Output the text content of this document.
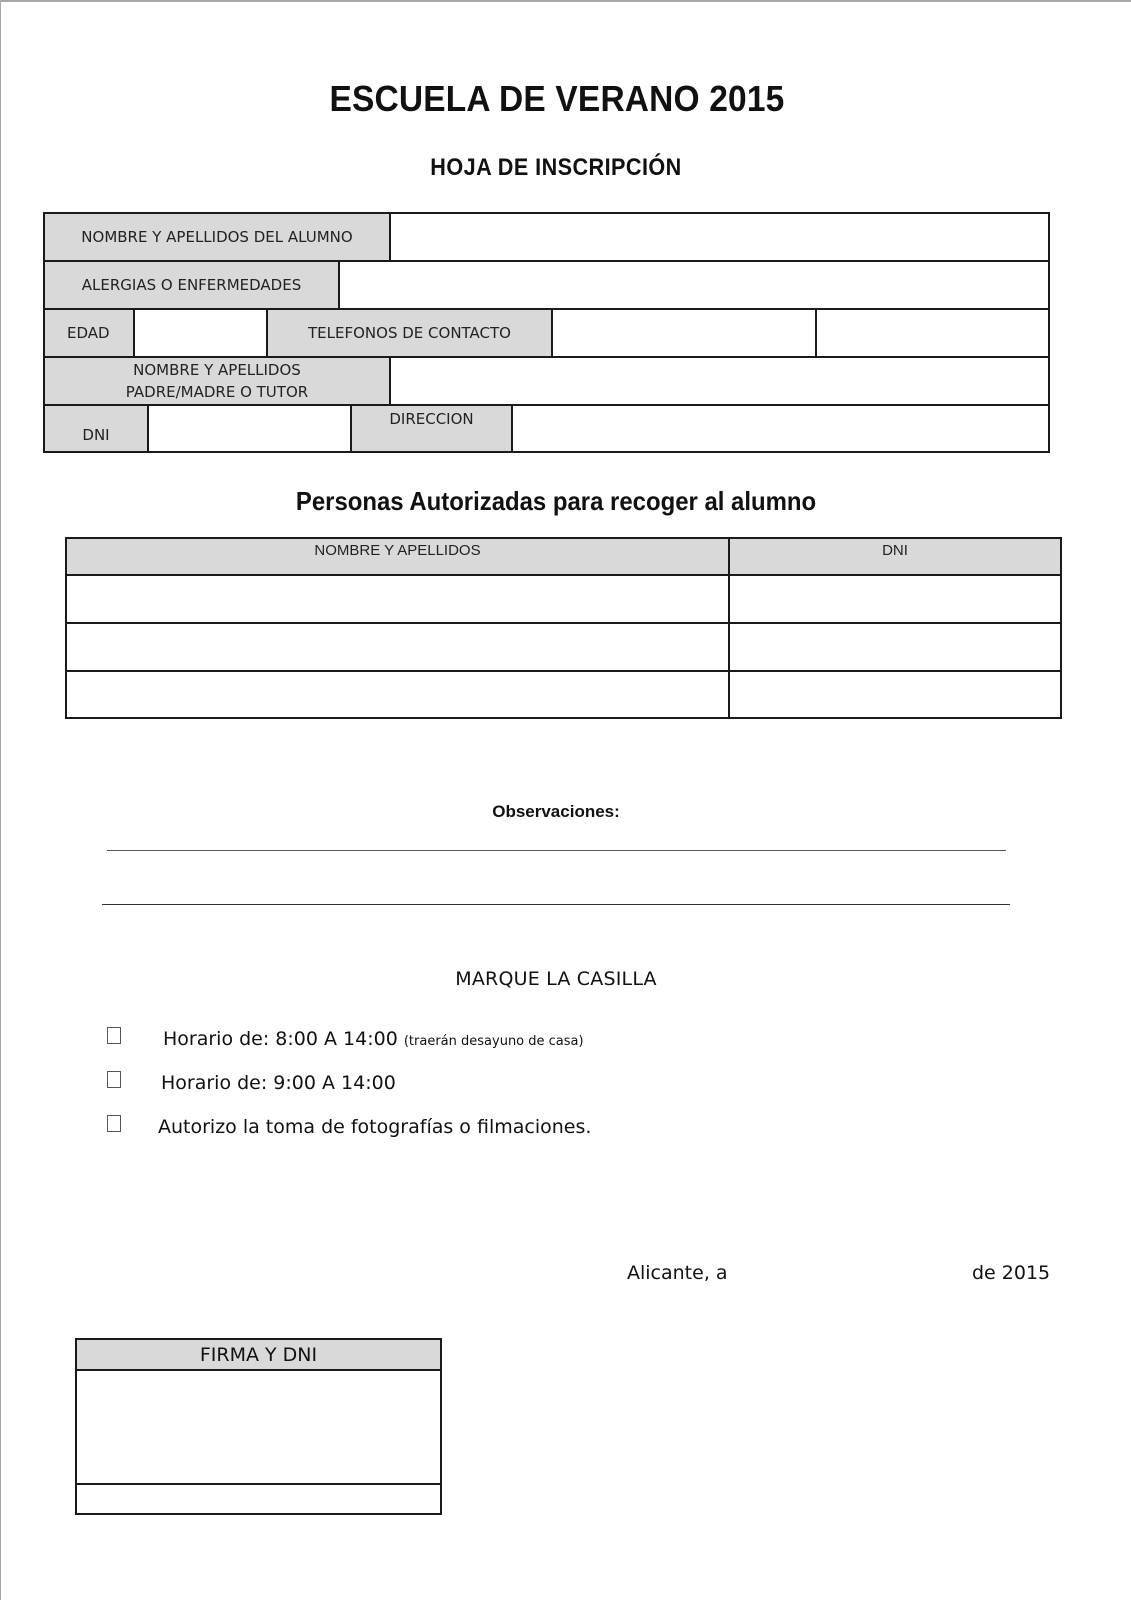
ESCUELA DE VERANO 2015
HOJA DE INSCRIPCIÓN
NOMBRE Y APELLIDOS DEL ALUMNO
ALERGIAS O ENFERMEDADES
EDAD	TELEFONOS DE CONTACTO
NOMBRE Y APELLIDOS
PADRE/MADRE O TUTOR
DNI
DIRECCION
Personas Autorizadas para recoger al alumno
NOMBRE Y APELLIDOS	DNI
Observaciones:
MARQUE LA CASILLA
Horario de: 8:00 A 14:00 (traerán desayuno de casa)
Horario de: 9:00 A 14:00
Autorizo la toma de fotografías o filmaciones.
Alicante, a	de 2015
FIRMA Y DNI
